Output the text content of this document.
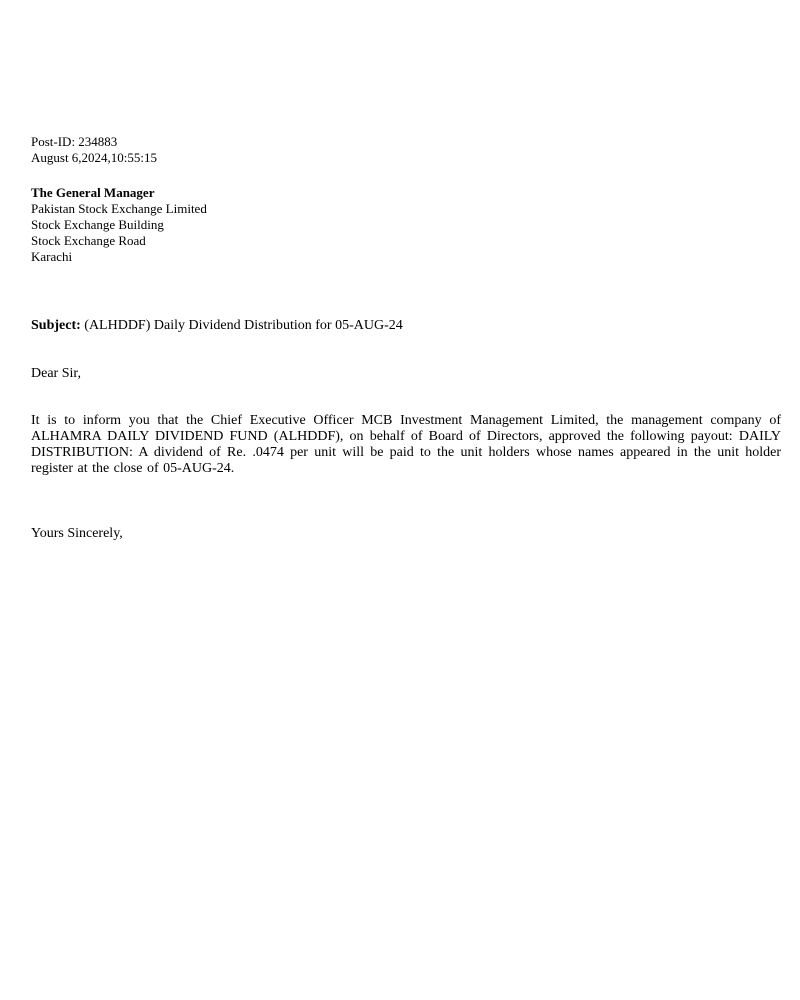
Post-ID: 234883
August 6,2024,10:55:15
The General Manager
Pakistan Stock Exchange Limited
Stock Exchange Building
Stock Exchange Road
Karachi
Subject: (ALHDDF) Daily Dividend Distribution for 05-AUG-24
Dear Sir,
It is to inform you that the Chief Executive Officer MCB Investment Management Limited, the management company of ALHAMRA DAILY DIVIDEND FUND (ALHDDF), on behalf of Board of Directors, approved the following payout: DAILY DISTRIBUTION: A dividend of Re. .0474 per unit will be paid to the unit holders whose names appeared in the unit holder register at the close of 05-AUG-24.
Yours Sincerely,
